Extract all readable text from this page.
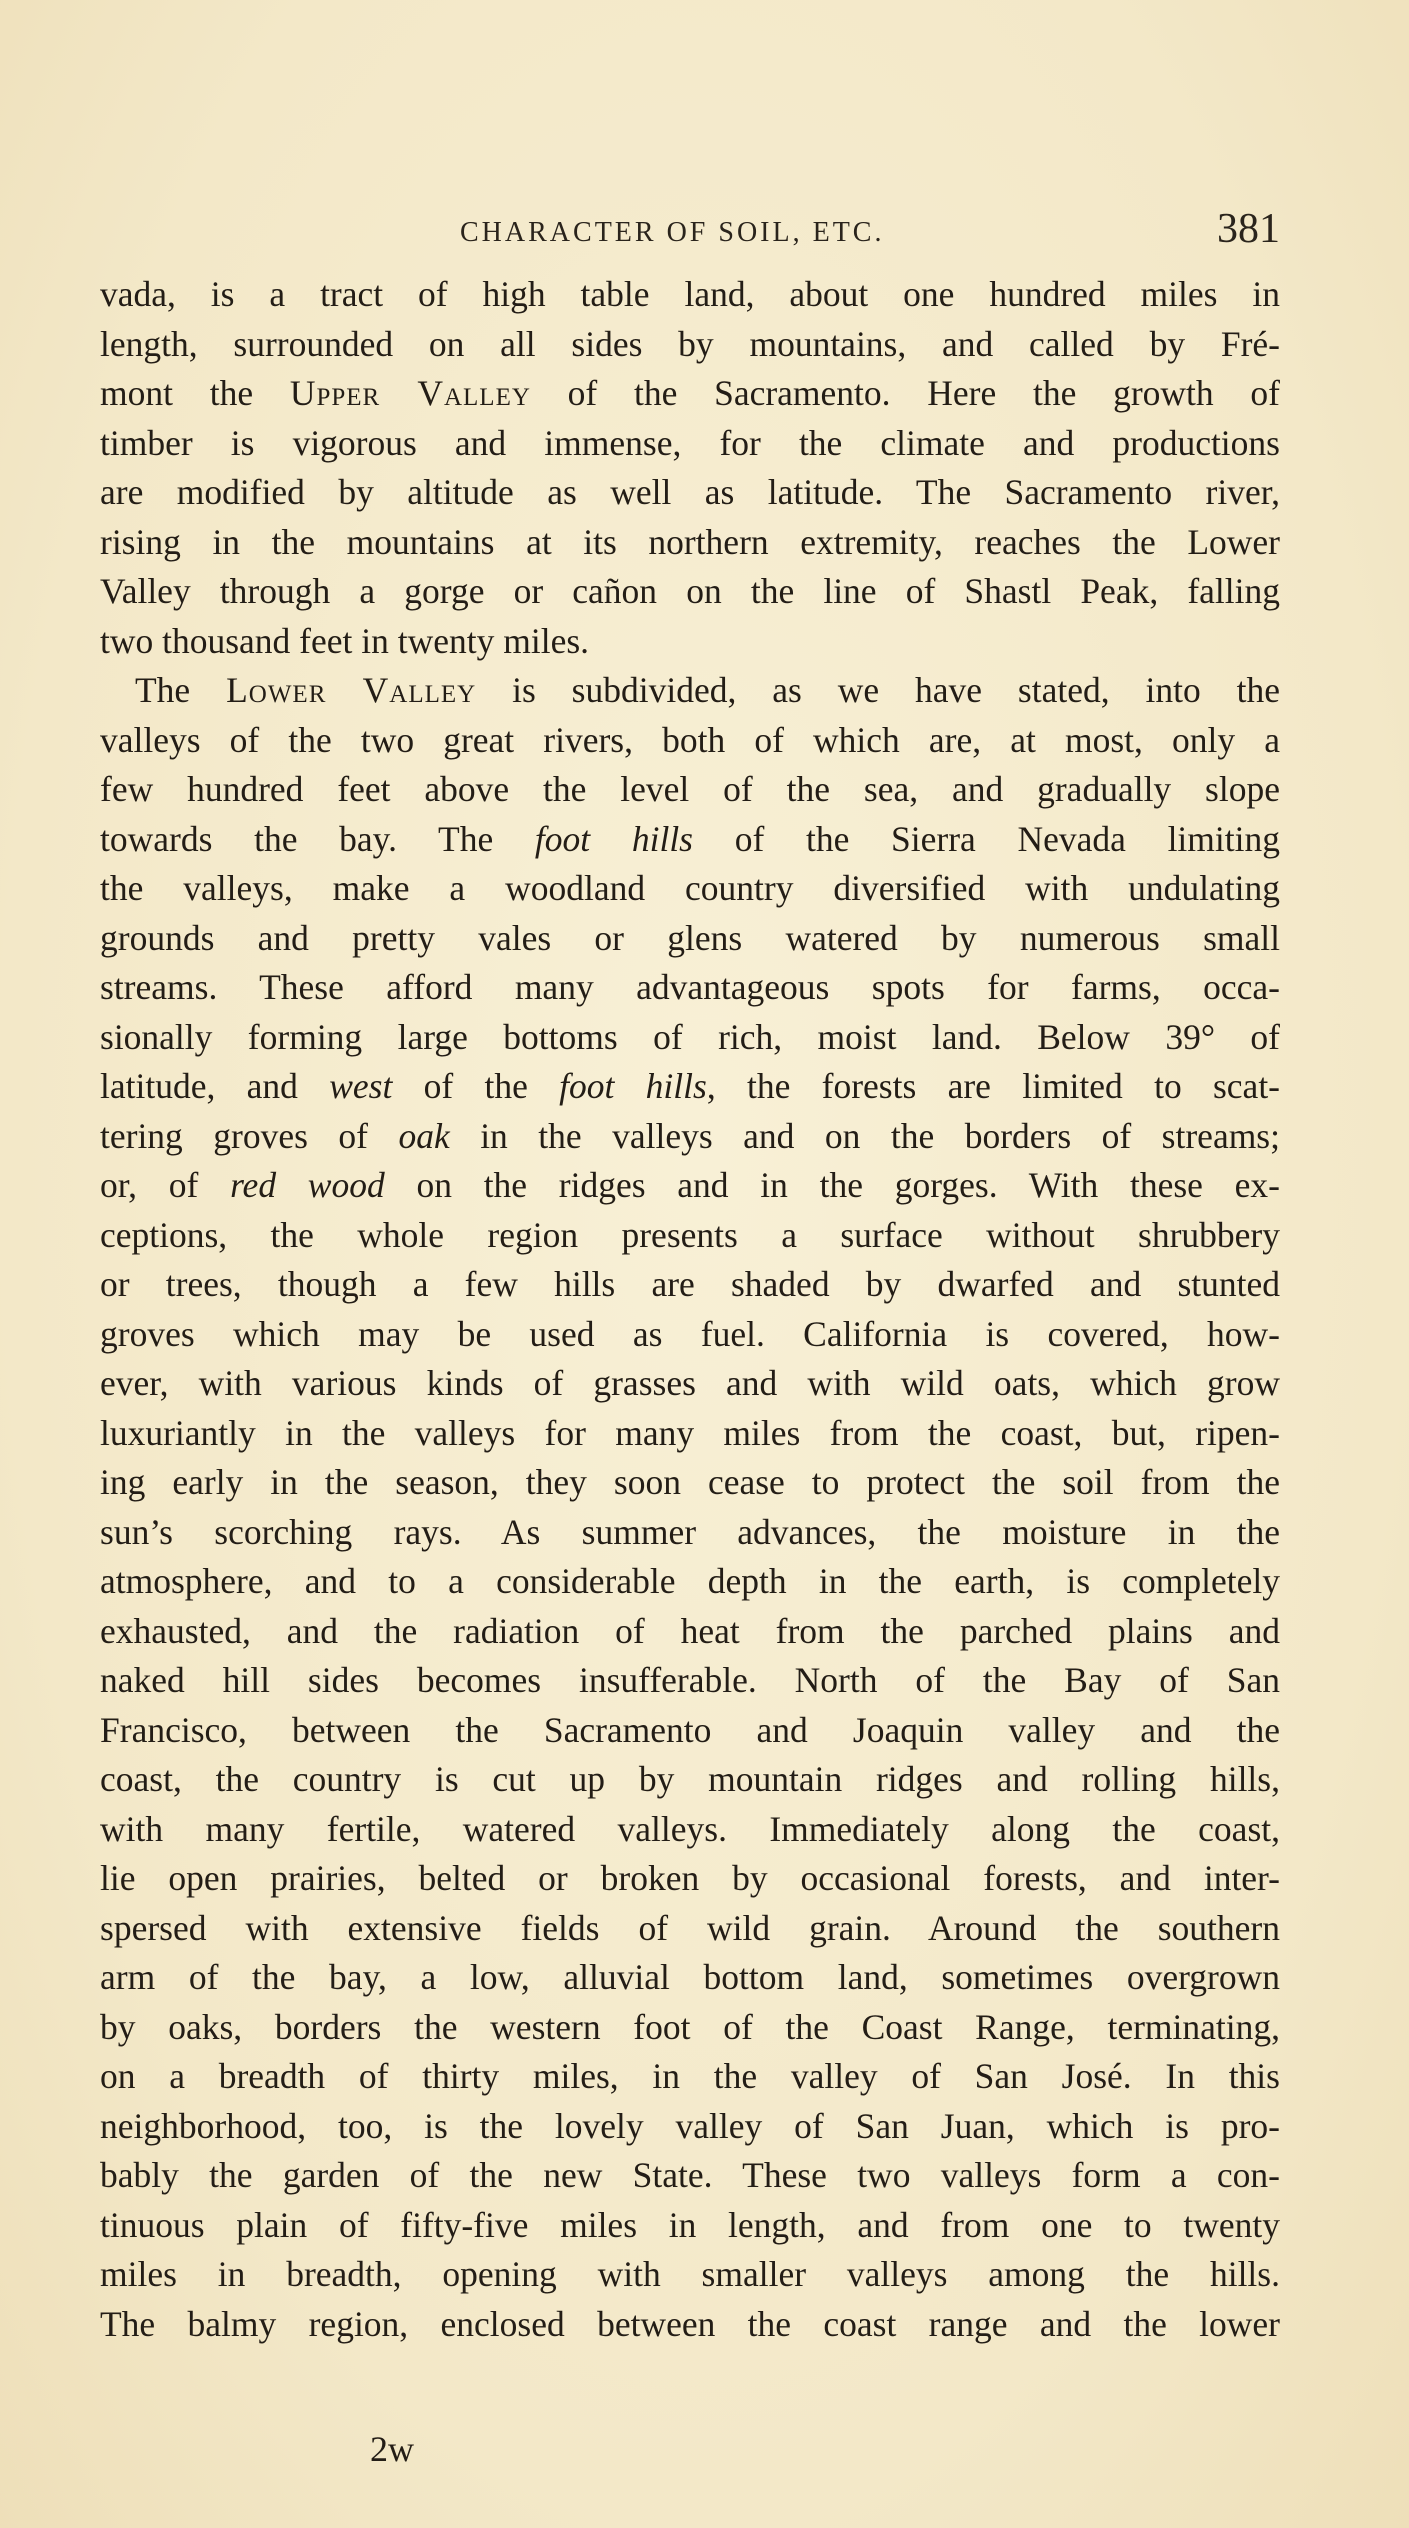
CHARACTER OF SOIL, ETC.	381
vada, is a tract of high table land, about one hundred miles in
length, surrounded on all sides by mountains, and called by Fré-
mont the Upper Valley of the Sacramento. Here the growth of
timber is vigorous and immense, for the climate and productions
are modified by altitude as well as latitude. The Sacramento river,
rising in the mountains at its northern extremity, reaches the Lower
Valley through a gorge or cañon on the line of Shastl Peak, falling
two thousand feet in twenty miles.
The Lower Valley is subdivided, as we have stated, into the
valleys of the two great rivers, both of which are, at most, only a
few hundred feet above the level of the sea, and gradually slope
towards the bay. The foot hills of the Sierra Nevada limiting
the valleys, make a woodland country diversified with undulating
grounds and pretty vales or glens watered by numerous small
streams. These afford many advantageous spots for farms, occa-
sionally forming large bottoms of rich, moist land. Below 39° of
latitude, and west of the foot hills, the forests are limited to scat-
tering groves of oak in the valleys and on the borders of streams;
or, of red wood on the ridges and in the gorges. With these ex-
ceptions, the whole region presents a surface without shrubbery
or trees, though a few hills are shaded by dwarfed and stunted
groves which may be used as fuel. California is covered, how-
ever, with various kinds of grasses and with wild oats, which grow
luxuriantly in the valleys for many miles from the coast, but, ripen-
ing early in the season, they soon cease to protect the soil from the
sun’s scorching rays. As summer advances, the moisture in the
atmosphere, and to a considerable depth in the earth, is completely
exhausted, and the radiation of heat from the parched plains and
naked hill sides becomes insufferable. North of the Bay of San
Francisco, between the Sacramento and Joaquin valley and the
coast, the country is cut up by mountain ridges and rolling hills,
with many fertile, watered valleys. Immediately along the coast,
lie open prairies, belted or broken by occasional forests, and inter-
spersed with extensive fields of wild grain. Around the southern
arm of the bay, a low, alluvial bottom land, sometimes overgrown
by oaks, borders the western foot of the Coast Range, terminating,
on a breadth of thirty miles, in the valley of San José. In this
neighborhood, too, is the lovely valley of San Juan, which is pro-
bably the garden of the new State. These two valleys form a con-
tinuous plain of fifty-five miles in length, and from one to twenty
miles in breadth, opening with smaller valleys among the hills.
The balmy region, enclosed between the coast range and the lower
2w
